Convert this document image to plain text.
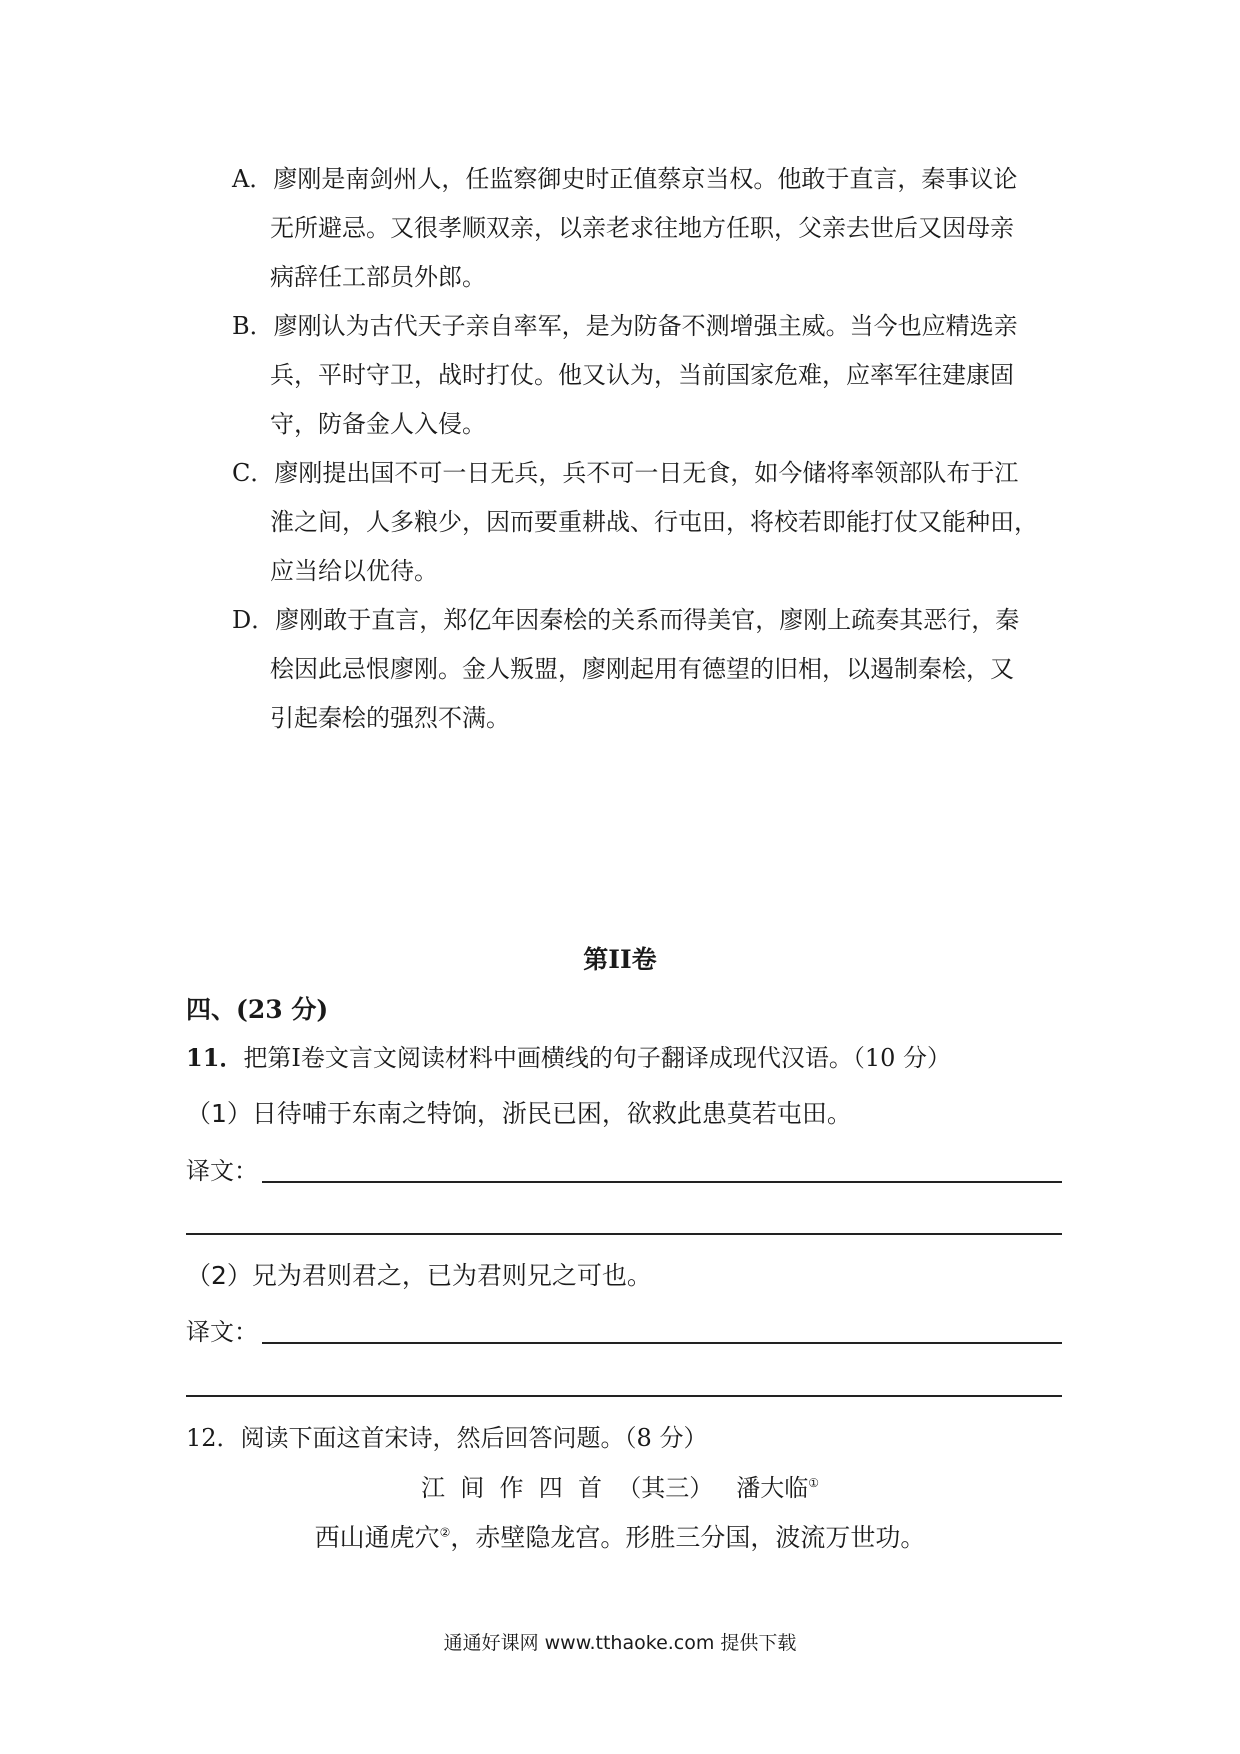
A．廖刚是南剑州人，任监察御史时正值蔡京当权。他敢于直言，秦事议论
无所避忌。又很孝顺双亲，以亲老求往地方任职，父亲去世后又因母亲
病辞任工部员外郎。
B．廖刚认为古代天子亲自率军，是为防备不测增强主威。当今也应精选亲
兵，平时守卫，战时打仗。他又认为，当前国家危难，应率军往建康固
守，防备金人入侵。
C．廖刚提出国不可一日无兵，兵不可一日无食，如今储将率领部队布于江
淮之间，人多粮少，因而要重耕战、行屯田，将校若即能打仗又能种田，
应当给以优待。
D．廖刚敢于直言，郑亿年因秦桧的关系而得美官，廖刚上疏奏其恶行，秦
桧因此忌恨廖刚。金人叛盟，廖刚起用有德望的旧相，以遏制秦桧，又
引起秦桧的强烈不满。
第II卷
四、(23 分)
11．把第I卷文言文阅读材料中画横线的句子翻译成现代汉语。（10 分）
（1）日待哺于东南之特饷，浙民已困，欲救此患莫若屯田。
译文：
（2）兄为君则君之，已为君则兄之可也。
译文：
12．阅读下面这首宋诗，然后回答问题。（8 分）
江  间  作  四  首  （其三）   潘大临①
西山通虎穴②，赤壁隐龙宫。形胜三分国，波流万世功。
通通好课网 www.tthaoke.com 提供下载
